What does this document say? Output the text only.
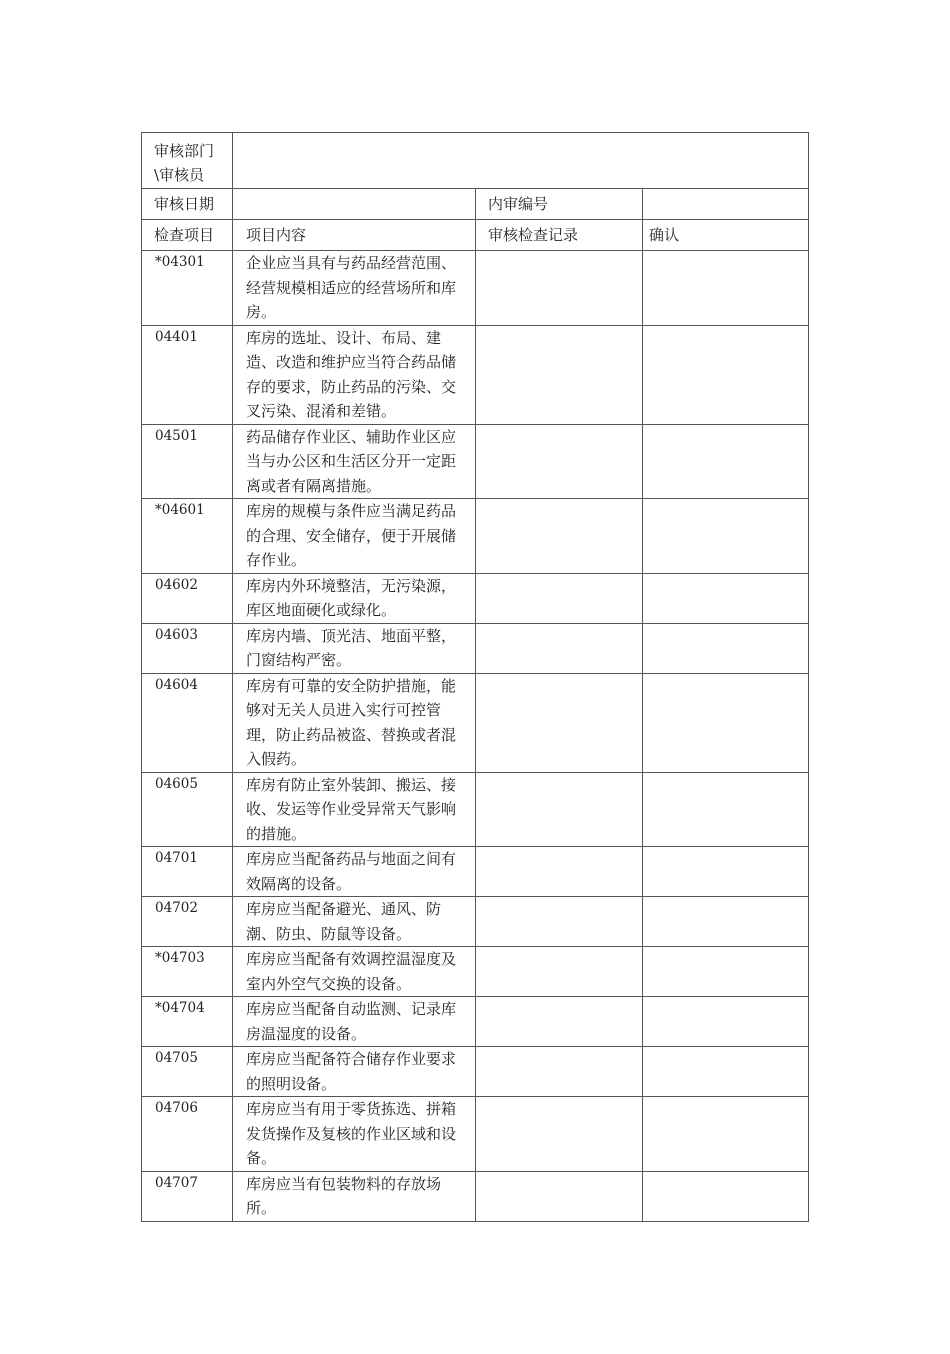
审核部门\审核员			
审核日期		内审编号	
检查项目	项目内容	审核检查记录	确认
*04301	企业应当具有与药品经营范围、经营规模相适应的经营场所和库房。		
04401	库房的选址、设计、布局、建造、改造和维护应当符合药品储存的要求，防止药品的污染、交叉污染、混淆和差错。		
04501	药品储存作业区、辅助作业区应当与办公区和生活区分开一定距离或者有隔离措施。		
*04601	库房的规模与条件应当满足药品的合理、安全储存，便于开展储存作业。		
04602	库房内外环境整洁，无污染源，库区地面硬化或绿化。		
04603	库房内墙、顶光洁、地面平整，门窗结构严密。		
04604	库房有可靠的安全防护措施，能够对无关人员进入实行可控管理，防止药品被盗、替换或者混入假药。		
04605	库房有防止室外装卸、搬运、接收、发运等作业受异常天气影响的措施。		
04701	库房应当配备药品与地面之间有效隔离的设备。		
04702	库房应当配备避光、通风、防潮、防虫、防鼠等设备。		
*04703	库房应当配备有效调控温湿度及室内外空气交换的设备。		
*04704	库房应当配备自动监测、记录库房温湿度的设备。		
04705	库房应当配备符合储存作业要求的照明设备。		
04706	库房应当有用于零货拣选、拼箱发货操作及复核的作业区域和设备。		
04707	库房应当有包装物料的存放场所。		
